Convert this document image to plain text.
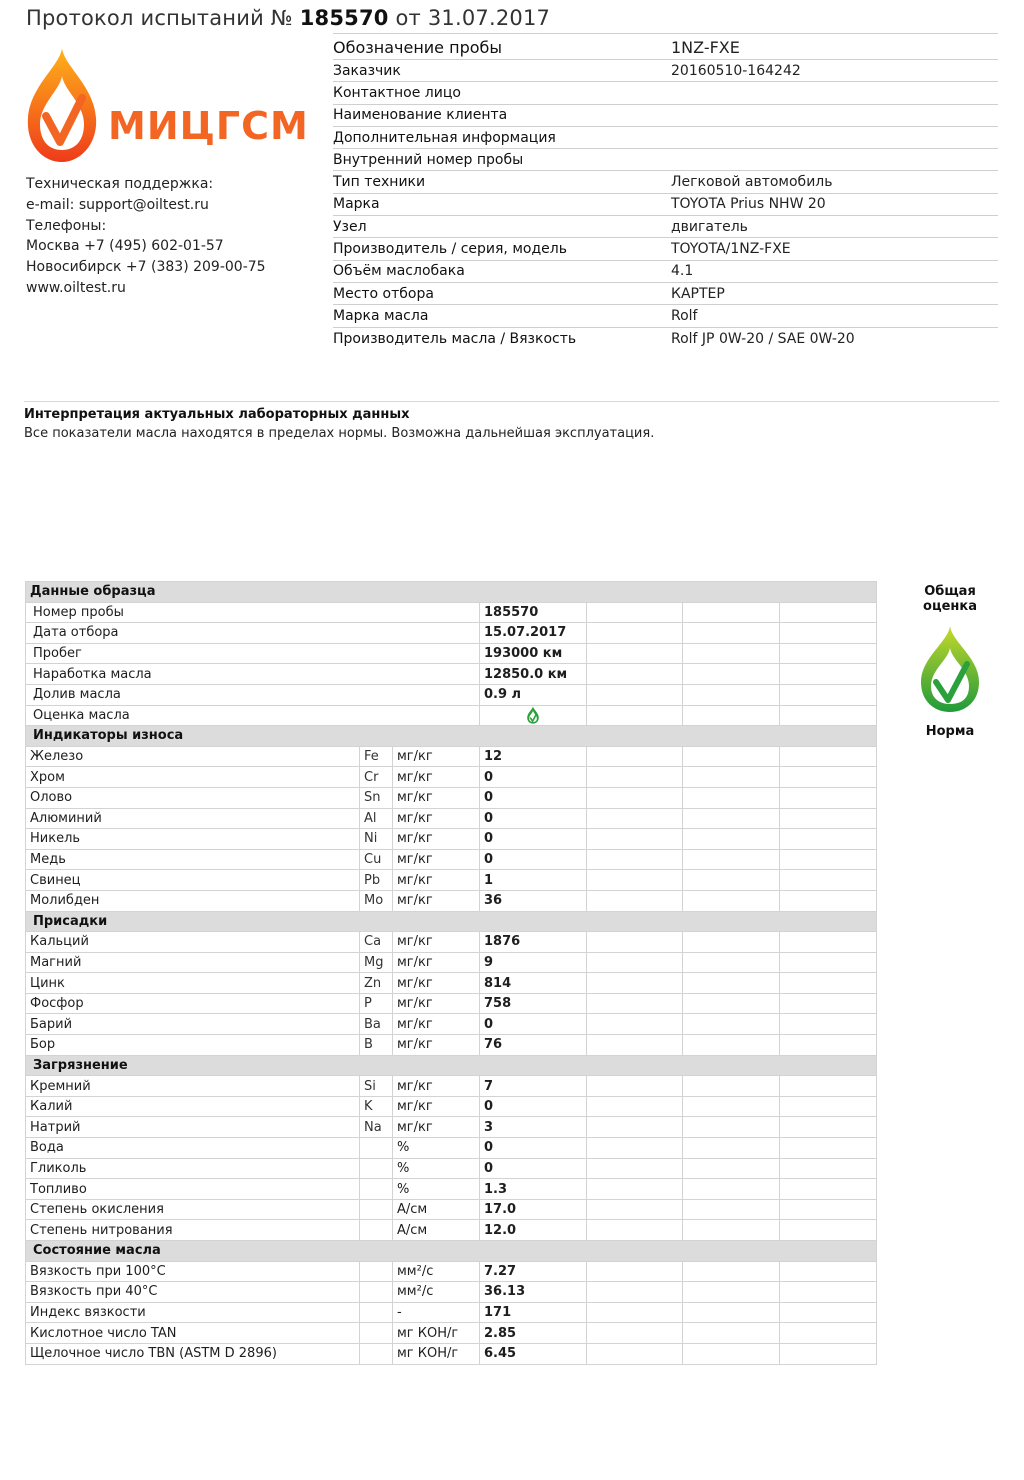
Протокол испытаний № 185570 от 31.07.2017
МИЦГСМ
Техническая поддержка:
e-mail: support@oiltest.ru
Телефоны:
Москва +7 (495) 602-01-57
Новосибирск +7 (383) 209-00-75
www.oiltest.ru
Обозначение пробы	1NZ-FXE
Заказчик	20160510-164242
Контактное лицо
Наименование клиента
Дополнительная информация
Внутренний номер пробы
Тип техники	Легковой автомобиль
Марка	TOYOTA Prius NHW 20
Узел	двигатель
Производитель / серия, модель	TOYOTA/1NZ-FXE
Объём маслобака	4.1
Место отбора	КАРТЕР
Марка масла	Rolf
Производитель масла / Вязкость	Rolf JP 0W-20 / SAE 0W-20
Интерпретация актуальных лабораторных данных
Все показатели масла находятся в пределах нормы. Возможна дальнейшая эксплуатация.
Данные образца						
Номер пробы			185570			
Дата отбора			15.07.2017			
Пробег			193000 км			
Наработка масла			12850.0 км			
Долив масла			0.9 л			
Оценка масла				
Индикаторы износа						
Железо	Fe	мг/кг	12			
Хром	Cr	мг/кг	0			
Олово	Sn	мг/кг	0			
Алюминий	Al	мг/кг	0			
Никель	Ni	мг/кг	0			
Медь	Cu	мг/кг	0			
Свинец	Pb	мг/кг	1			
Молибден	Mo	мг/кг	36			
Присадки						
Кальций	Ca	мг/кг	1876			
Магний	Mg	мг/кг	9			
Цинк	Zn	мг/кг	814			
Фосфор	P	мг/кг	758			
Барий	Ba	мг/кг	0			
Бор	B	мг/кг	76			
Загрязнение						
Кремний	Si	мг/кг	7			
Калий	K	мг/кг	0			
Натрий	Na	мг/кг	3			
Вода		%	0			
Гликоль		%	0			
Топливо		%	1.3			
Степень окисления		А/см	17.0			
Степень нитрования		А/см	12.0			
Состояние масла						
Вязкость при 100°С		мм²/с	7.27			
Вязкость при 40°С		мм²/с	36.13			
Индекс вязкости		-	171			
Кислотное число TAN		мг КОН/г	2.85			
Щелочное число TBN (ASTM D 2896)		мг КОН/г	6.45			
Общая оценка
Норма
